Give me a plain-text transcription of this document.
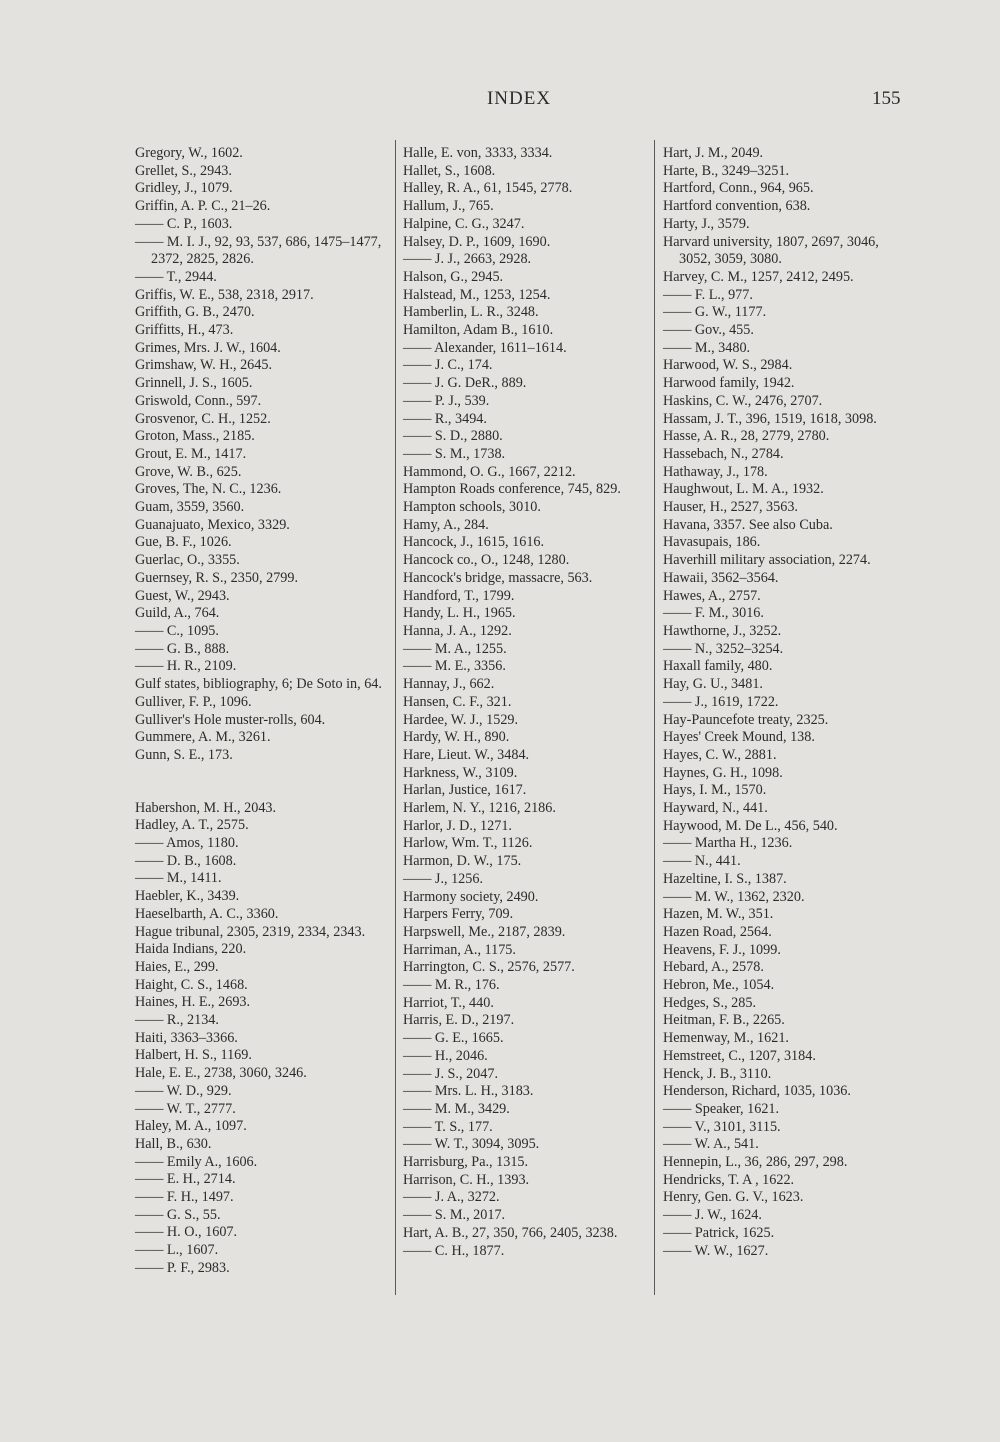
INDEX	155
Gregory, W., 1602.
Grellet, S., 2943.
Gridley, J., 1079.
Griffin, A. P. C., 21–26.
—— C. P., 1603.
—— M. I. J., 92, 93, 537, 686, 1475–1477, 2372, 2825, 2826.
—— T., 2944.
Griffis, W. E., 538, 2318, 2917.
Griffith, G. B., 2470.
Griffitts, H., 473.
Grimes, Mrs. J. W., 1604.
Grimshaw, W. H., 2645.
Grinnell, J. S., 1605.
Griswold, Conn., 597.
Grosvenor, C. H., 1252.
Groton, Mass., 2185.
Grout, E. M., 1417.
Grove, W. B., 625.
Groves, The, N. C., 1236.
Guam, 3559, 3560.
Guanajuato, Mexico, 3329.
Gue, B. F., 1026.
Guerlac, O., 3355.
Guernsey, R. S., 2350, 2799.
Guest, W., 2943.
Guild, A., 764.
—— C., 1095.
—— G. B., 888.
—— H. R., 2109.
Gulf states, bibliography, 6; De Soto in, 64.
Gulliver, F. P., 1096.
Gulliver's Hole muster-rolls, 604.
Gummere, A. M., 3261.
Gunn, S. E., 173.
Habershon, M. H., 2043.
Hadley, A. T., 2575.
—— Amos, 1180.
—— D. B., 1608.
—— M., 1411.
Haebler, K., 3439.
Haeselbarth, A. C., 3360.
Hague tribunal, 2305, 2319, 2334, 2343.
Haida Indians, 220.
Haies, E., 299.
Haight, C. S., 1468.
Haines, H. E., 2693.
—— R., 2134.
Haiti, 3363–3366.
Halbert, H. S., 1169.
Hale, E. E., 2738, 3060, 3246.
—— W. D., 929.
—— W. T., 2777.
Haley, M. A., 1097.
Hall, B., 630.
—— Emily A., 1606.
—— E. H., 2714.
—— F. H., 1497.
—— G. S., 55.
—— H. O., 1607.
—— L., 1607.
—— P. F., 2983.
Halle, E. von, 3333, 3334.
Hallet, S., 1608.
Halley, R. A., 61, 1545, 2778.
Hallum, J., 765.
Halpine, C. G., 3247.
Halsey, D. P., 1609, 1690.
—— J. J., 2663, 2928.
Halson, G., 2945.
Halstead, M., 1253, 1254.
Hamberlin, L. R., 3248.
Hamilton, Adam B., 1610.
—— Alexander, 1611–1614.
—— J. C., 174.
—— J. G. DeR., 889.
—— P. J., 539.
—— R., 3494.
—— S. D., 2880.
—— S. M., 1738.
Hammond, O. G., 1667, 2212.
Hampton Roads conference, 745, 829.
Hampton schools, 3010.
Hamy, A., 284.
Hancock, J., 1615, 1616.
Hancock co., O., 1248, 1280.
Hancock's bridge, massacre, 563.
Handford, T., 1799.
Handy, L. H., 1965.
Hanna, J. A., 1292.
—— M. A., 1255.
—— M. E., 3356.
Hannay, J., 662.
Hansen, C. F., 321.
Hardee, W. J., 1529.
Hardy, W. H., 890.
Hare, Lieut. W., 3484.
Harkness, W., 3109.
Harlan, Justice, 1617.
Harlem, N. Y., 1216, 2186.
Harlor, J. D., 1271.
Harlow, Wm. T., 1126.
Harmon, D. W., 175.
—— J., 1256.
Harmony society, 2490.
Harpers Ferry, 709.
Harpswell, Me., 2187, 2839.
Harriman, A., 1175.
Harrington, C. S., 2576, 2577.
—— M. R., 176.
Harriot, T., 440.
Harris, E. D., 2197.
—— G. E., 1665.
—— H., 2046.
—— J. S., 2047.
—— Mrs. L. H., 3183.
—— M. M., 3429.
—— T. S., 177.
—— W. T., 3094, 3095.
Harrisburg, Pa., 1315.
Harrison, C. H., 1393.
—— J. A., 3272.
—— S. M., 2017.
Hart, A. B., 27, 350, 766, 2405, 3238.
—— C. H., 1877.
Hart, J. M., 2049.
Harte, B., 3249–3251.
Hartford, Conn., 964, 965.
Hartford convention, 638.
Harty, J., 3579.
Harvard university, 1807, 2697, 3046, 3052, 3059, 3080.
Harvey, C. M., 1257, 2412, 2495.
—— F. L., 977.
—— G. W., 1177.
—— Gov., 455.
—— M., 3480.
Harwood, W. S., 2984.
Harwood family, 1942.
Haskins, C. W., 2476, 2707.
Hassam, J. T., 396, 1519, 1618, 3098.
Hasse, A. R., 28, 2779, 2780.
Hassebach, N., 2784.
Hathaway, J., 178.
Haughwout, L. M. A., 1932.
Hauser, H., 2527, 3563.
Havana, 3357. See also Cuba.
Havasupais, 186.
Haverhill military association, 2274.
Hawaii, 3562–3564.
Hawes, A., 2757.
—— F. M., 3016.
Hawthorne, J., 3252.
—— N., 3252–3254.
Haxall family, 480.
Hay, G. U., 3481.
—— J., 1619, 1722.
Hay-Pauncefote treaty, 2325.
Hayes' Creek Mound, 138.
Hayes, C. W., 2881.
Haynes, G. H., 1098.
Hays, I. M., 1570.
Hayward, N., 441.
Haywood, M. De L., 456, 540.
—— Martha H., 1236.
—— N., 441.
Hazeltine, I. S., 1387.
—— M. W., 1362, 2320.
Hazen, M. W., 351.
Hazen Road, 2564.
Heavens, F. J., 1099.
Hebard, A., 2578.
Hebron, Me., 1054.
Hedges, S., 285.
Heitman, F. B., 2265.
Hemenway, M., 1621.
Hemstreet, C., 1207, 3184.
Henck, J. B., 3110.
Henderson, Richard, 1035, 1036.
—— Speaker, 1621.
—— V., 3101, 3115.
—— W. A., 541.
Hennepin, L., 36, 286, 297, 298.
Hendricks, T. A , 1622.
Henry, Gen. G. V., 1623.
—— J. W., 1624.
—— Patrick, 1625.
—— W. W., 1627.
